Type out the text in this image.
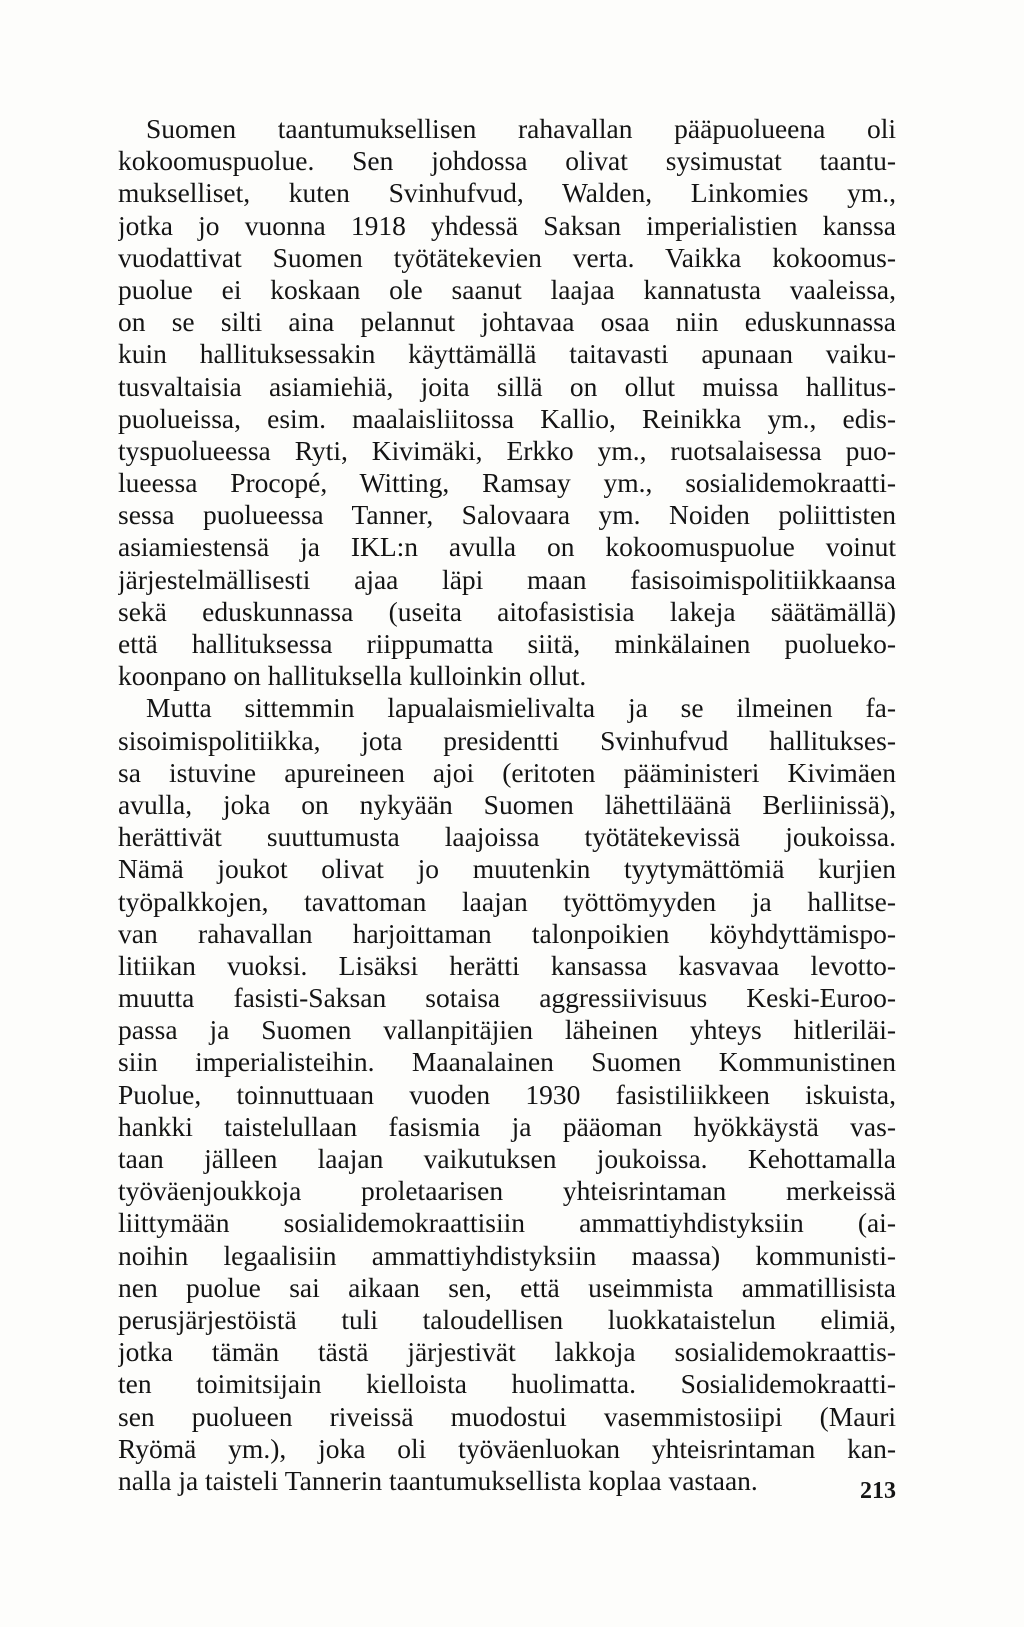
Suomen taantumuksellisen rahavallan pääpuolueena oli
kokoomuspuolue. Sen johdossa olivat sysimustat taantu-
mukselliset, kuten Svinhufvud, Walden, Linkomies ym.,
jotka jo vuonna 1918 yhdessä Saksan imperialistien kanssa
vuodattivat Suomen työtätekevien verta. Vaikka kokoomus-
puolue ei koskaan ole saanut laajaa kannatusta vaaleissa,
on se silti aina pelannut johtavaa osaa niin eduskunnassa
kuin hallituksessakin käyttämällä taitavasti apunaan vaiku-
tusvaltaisia asiamiehiä, joita sillä on ollut muissa hallitus-
puolueissa, esim. maalaisliitossa Kallio, Reinikka ym., edis-
tyspuolueessa Ryti, Kivimäki, Erkko ym., ruotsalaisessa puo-
lueessa Procopé, Witting, Ramsay ym., sosialidemokraatti-
sessa puolueessa Tanner, Salovaara ym. Noiden poliittisten
asiamiestensä ja IKL:n avulla on kokoomuspuolue voinut
järjestelmällisesti ajaa läpi maan fasisoimispolitiikkaansa
sekä eduskunnassa (useita aitofasistisia lakeja säätämällä)
että hallituksessa riippumatta siitä, minkälainen puolueko-
koonpano on hallituksella kulloinkin ollut.
Mutta sittemmin lapualaismielivalta ja se ilmeinen fa-
sisoimispolitiikka, jota presidentti Svinhufvud hallitukses-
sa istuvine apureineen ajoi (eritoten pääministeri Kivimäen
avulla, joka on nykyään Suomen lähettiläänä Berliinissä),
herättivät suuttumusta laajoissa työtätekevissä joukoissa.
Nämä joukot olivat jo muutenkin tyytymättömiä kurjien
työpalkkojen, tavattoman laajan työttömyyden ja hallitse-
van rahavallan harjoittaman talonpoikien köyhdyttämispo-
litiikan vuoksi. Lisäksi herätti kansassa kasvavaa levotto-
muutta fasisti-Saksan sotaisa aggressiivisuus Keski-Euroo-
passa ja Suomen vallanpitäjien läheinen yhteys hitleriläi-
siin imperialisteihin. Maanalainen Suomen Kommunistinen
Puolue, toinnuttuaan vuoden 1930 fasistiliikkeen iskuista,
hankki taistelullaan fasismia ja pääoman hyökkäystä vas-
taan jälleen laajan vaikutuksen joukoissa. Kehottamalla
työväenjoukkoja proletaarisen yhteisrintaman merkeissä
liittymään sosialidemokraattisiin ammattiyhdistyksiin (ai-
noihin legaalisiin ammattiyhdistyksiin maassa) kommunisti-
nen puolue sai aikaan sen, että useimmista ammatillisista
perusjärjestöistä tuli taloudellisen luokkataistelun elimiä,
jotka tämän tästä järjestivät lakkoja sosialidemokraattis-
ten toimitsijain kielloista huolimatta. Sosialidemokraatti-
sen puolueen riveissä muodostui vasemmistosiipi (Mauri
Ryömä ym.), joka oli työväenluokan yhteisrintaman kan-
nalla ja taisteli Tannerin taantumuksellista koplaa vastaan.	213
